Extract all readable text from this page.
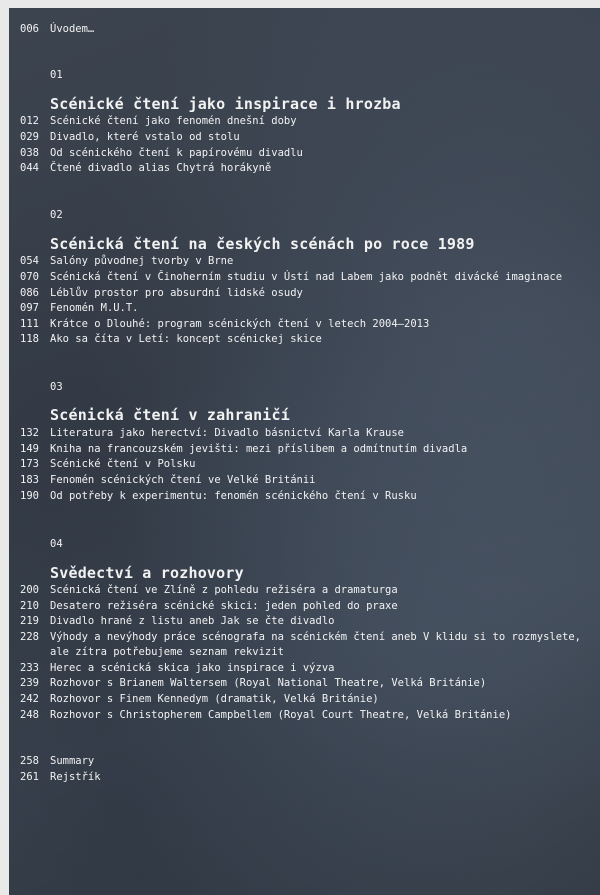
006	Úvodem…
01
Scénické čtení jako inspirace i hrozba
012	Scénické čtení jako fenomén dnešní doby
029	Divadlo, které vstalo od stolu
038	Od scénického čtení k papírovému divadlu
044	Čtené divadlo alias Chytrá horákyně
02
Scénická čtení na českých scénách po roce 1989
054	Salóny původnej tvorby v Brne
070	Scénická čtení v Činoherním studiu v Ústí nad Labem jako podnět divácké imaginace
086	Léblův prostor pro absurdní lidské osudy
097	Fenomén M.U.T.
111	Krátce o Dlouhé: program scénických čtení v letech 2004–2013
118	Ako sa číta v Letí: koncept scénickej skice
03
Scénická čtení v zahraničí
132	Literatura jako herectví: Divadlo básnictví Karla Krause
149	Kniha na francouzském jevišti: mezi příslibem a odmítnutím divadla
173	Scénické čtení v Polsku
183	Fenomén scénických čtení ve Velké Británii
190	Od potřeby k experimentu: fenomén scénického čtení v Rusku
04
Svědectví a rozhovory
200	Scénická čtení ve Zlíně z pohledu režiséra a dramaturga
210	Desatero režiséra scénické skici: jeden pohled do praxe
219	Divadlo hrané z listu aneb Jak se čte divadlo
228	Výhody a nevýhody práce scénografa na scénickém čtení aneb V klidu si to rozmyslete,
ale zítra potřebujeme seznam rekvizit
233	Herec a scénická skica jako inspirace i výzva
239	Rozhovor s Brianem Waltersem (Royal National Theatre, Velká Británie)
242	Rozhovor s Finem Kennedym (dramatik, Velká Británie)
248	Rozhovor s Christopherem Campbellem (Royal Court Theatre, Velká Británie)
258	Summary
261	Rejstřík
